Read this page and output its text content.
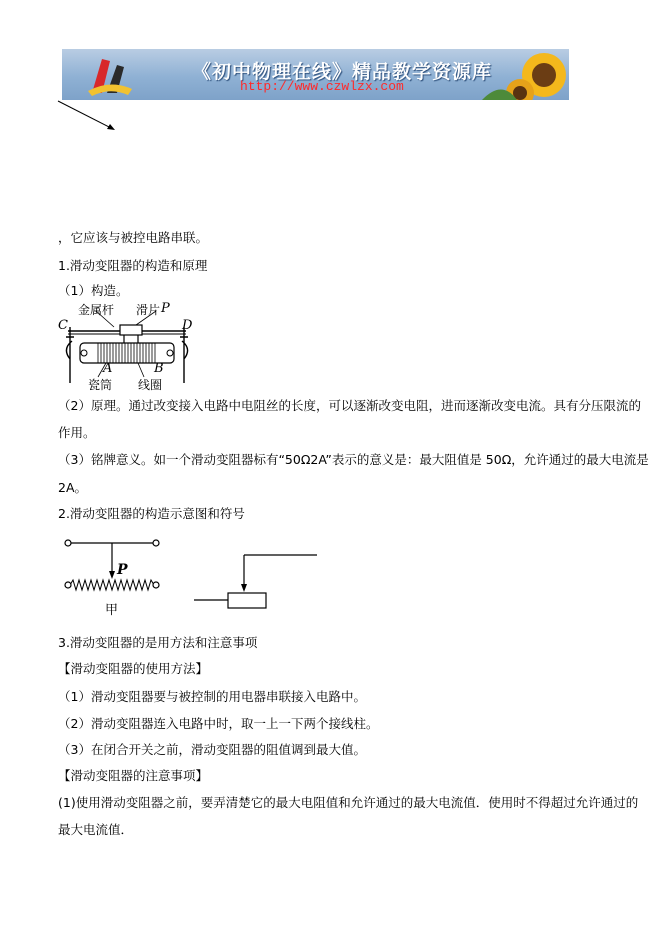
《初中物理在线》精品教学资源库
http://www.czwlzx.com
，它应该与被控电路串联。
1.滑动变阻器的构造和原理
（1）构造。
金属杆 滑片 P
C	D
A	B
瓷筒 线圈
（2）原理。通过改变接入电路中电阻丝的长度，可以逐渐改变电阻，进而逐渐改变电流。具有分压限流的
作用。
（3）铭牌意义。如一个滑动变阻器标有“50Ω2A”表示的意义是：最大阻值是 50Ω，允许通过的最大电流是
2A。
2.滑动变阻器的构造示意图和符号
P
甲
3.滑动变阻器的是用方法和注意事项
【滑动变阻器的使用方法】
（1）滑动变阻器要与被控制的用电器串联接入电路中。
（2）滑动变阻器连入电路中时，取一上一下两个接线柱。
（3）在闭合开关之前，滑动变阻器的阻值调到最大值。
【滑动变阻器的注意事项】
(1)使用滑动变阻器之前，要弄清楚它的最大电阻值和允许通过的最大电流值．使用时不得超过允许通过的
最大电流值．
